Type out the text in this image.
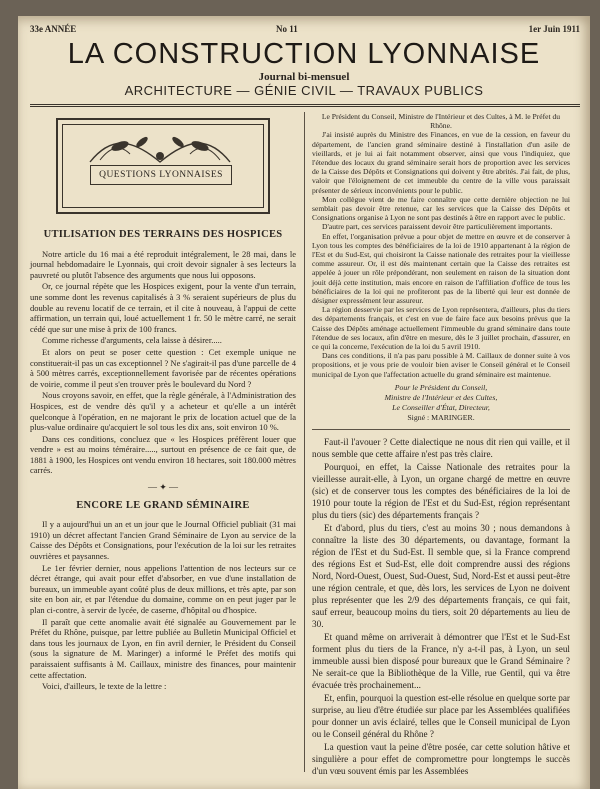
33e ANNÉE	No 11	1er Juin 1911
LA CONSTRUCTION LYONNAISE
Journal bi-mensuel
ARCHITECTURE — GÉNIE CIVIL — TRAVAUX PUBLICS
QUESTIONS LYONNAISES
UTILISATION DES TERRAINS DES HOSPICES

Notre article du 16 mai a été reproduit intégralement, le 28 mai, dans le journal hebdomadaire le Lyonnais, qui croit devoir signaler à ses lecteurs la pauvreté ou plutôt l'absence des arguments que nous lui opposons.

Or, ce journal répète que les Hospices exigent, pour la vente d'un terrain, une somme dont les revenus capitalisés à 3 % seraient supérieurs de plus du double au revenu locatif de ce terrain, et il cite à nouveau, à l'appui de cette affirmation, un terrain qui, loué actuellement 1 fr. 50 le mètre carré, ne serait cédé que sur une mise à prix de 100 francs.

Comme richesse d'arguments, cela laisse à désirer.....

Et alors on peut se poser cette question : Cet exemple unique ne constituerait-il pas un cas exceptionnel ? Ne s'agirait-il pas d'une parcelle de 4 à 500 mètres carrés, exceptionnellement favorisée par de récentes opérations de voirie, comme il peut s'en trouver près le boulevard du Nord ?

Nous croyons savoir, en effet, que la règle générale, à l'Administration des Hospices, est de vendre dès qu'il y a acheteur et qu'elle a un intérêt quelconque à l'opération, en ne majorant le prix de location actuel que de la plus-value ordinaire qu'acquiert le sol tous les dix ans, soit environ 10 %.

Dans ces conditions, concluez que « les Hospices préfèrent louer que vendre » est au moins téméraire....., surtout en présence de ce fait que, de 1881 à 1900, les Hospices ont vendu environ 18 hectares, soit 180.000 mètres carrés.

— ✦ —
ENCORE LE GRAND SÉMINAIRE

Il y a aujourd'hui un an et un jour que le Journal Officiel publiait (31 mai 1910) un décret affectant l'ancien Grand Séminaire de Lyon au service de la Caisse des Dépôts et Consignations, pour l'exécution de la loi sur les retraites ouvrières et paysannes.

Le 1er février dernier, nous appelions l'attention de nos lecteurs sur ce décret étrange, qui avait pour effet d'absorber, en vue d'une installation de bureaux, un immeuble ayant coûté plus de deux millions, et très apte, par son site en bon air, et par l'étendue du domaine, comme on en peut juger par le plan ci-contre, à servir de lycée, de caserne, d'hôpital ou d'hospice.

Il paraît que cette anomalie avait été signalée au Gouvernement par le Préfet du Rhône, puisque, par lettre publiée au Bulletin Municipal Officiel et dans tous les journaux de Lyon, en fin avril dernier, le Président du Conseil (sous la signature de M. Maringer) a informé le Préfet des motifs qui paraissaient suffisants à M. Caillaux, ministre des finances, pour maintenir cette affectation.

Voici, d'ailleurs, le texte de la lettre :

Le Président du Conseil, Ministre de l'Intérieur et des Cultes, à M. le Préfet du Rhône.

J'ai insisté auprès du Ministre des Finances, en vue de la cession, en faveur du département, de l'ancien grand séminaire destiné à l'installation d'un asile de vieillards, et je lui ai fait notamment observer, ainsi que vous l'indiquiez, que l'étendue des locaux du grand séminaire serait hors de proportion avec les services de la Caisse des Dépôts et Consignations qui doivent y être abrités. J'ai fait, de plus, valoir que l'éloignement de cet immeuble du centre de la ville vous paraissait présenter de sérieux inconvénients pour le public.

Mon collègue vient de me faire connaître que cette dernière objection ne lui semblait pas devoir être retenue, car les services que la Caisse des Dépôts et Consignations organise à Lyon ne sont pas destinés à être en rapport avec le public.

D'autre part, ces services paraissent devoir être particulièrement importants.

En effet, l'organisation prévue a pour objet de mettre en œuvre et de conserver à Lyon tous les comptes des bénéficiaires de la loi de 1910 appartenant à la région de l'Est et du Sud-Est, qui choisiront la Caisse nationale des retraites pour la vieillesse comme assureur. Or, il est dès maintenant certain que la Caisse des retraites est appelée à jouer un rôle prépondérant, non seulement en raison de la situation dont jouit déjà cette institution, mais encore en raison de l'affiliation d'office de tous les bénéficiaires de la loi qui ne profiteront pas de la liberté qui leur est donnée de désigner expressément leur assureur.

La région desservie par les services de Lyon représentera, d'ailleurs, plus du tiers des départements français, et c'est en vue de faire face aux besoins prévus que la Caisse des Dépôts aménage actuellement l'immeuble du grand séminaire dans toute l'étendue de ses locaux, afin d'être en mesure, dès le 3 juillet prochain, d'assurer, en ce qui la concerne, l'exécution de la loi du 5 avril 1910.

Dans ces conditions, il n'a pas paru possible à M. Caillaux de donner suite à vos propositions, et je vous prie de vouloir bien aviser le Conseil général et le Conseil municipal de Lyon que l'affectation actuelle du grand séminaire est maintenue.

Pour le Président du Conseil,
Ministre de l'Intérieur et des Cultes,
Le Conseiller d'État, Directeur,
Signé : MARINGER.

Faut-il l'avouer ? Cette dialectique ne nous dit rien qui vaille, et il nous semble que cette affaire n'est pas très claire.

Pourquoi, en effet, la Caisse Nationale des retraites pour la vieillesse aurait-elle, à Lyon, un organe chargé de mettre en œuvre (sic) et de conserver tous les comptes des bénéficiaires de la loi de 1910 pour toute la région de l'Est et du Sud-Est, région représentant plus du tiers (sic) des départements français ?

Et d'abord, plus du tiers, c'est au moins 30 ; nous demandons à connaître la liste des 30 départements, ou davantage, formant la région de l'Est et du Sud-Est. Il semble que, si la France comprend des régions Est et Sud-Est, elle doit comprendre aussi des régions Nord, Nord-Ouest, Ouest, Sud-Ouest, Sud, Nord-Est et aussi peut-être une région centrale, et que, dès lors, les services de Lyon ne doivent plus représenter que les 2/9 des départements français, ce qui fait, sauf erreur, beaucoup moins du tiers, soit 20 départements au lieu de 30.

Et quand même on arriverait à démontrer que l'Est et le Sud-Est forment plus du tiers de la France, n'y a-t-il pas, à Lyon, un seul immeuble aussi bien disposé pour bureaux que le Grand Séminaire ? Ne serait-ce que la Bibliothèque de la Ville, rue Gentil, qui va être évacuée très prochainement...

Et, enfin, pourquoi la question est-elle résolue en quelque sorte par surprise, au lieu d'être étudiée sur place par les Assemblées qualifiées pour donner un avis éclairé, telles que le Conseil municipal de Lyon ou le Conseil général du Rhône ?

La question vaut la peine d'être posée, car cette solution hâtive et singulière a pour effet de compromettre pour longtemps le succès d'un vœu souvent émis par les Assemblées
